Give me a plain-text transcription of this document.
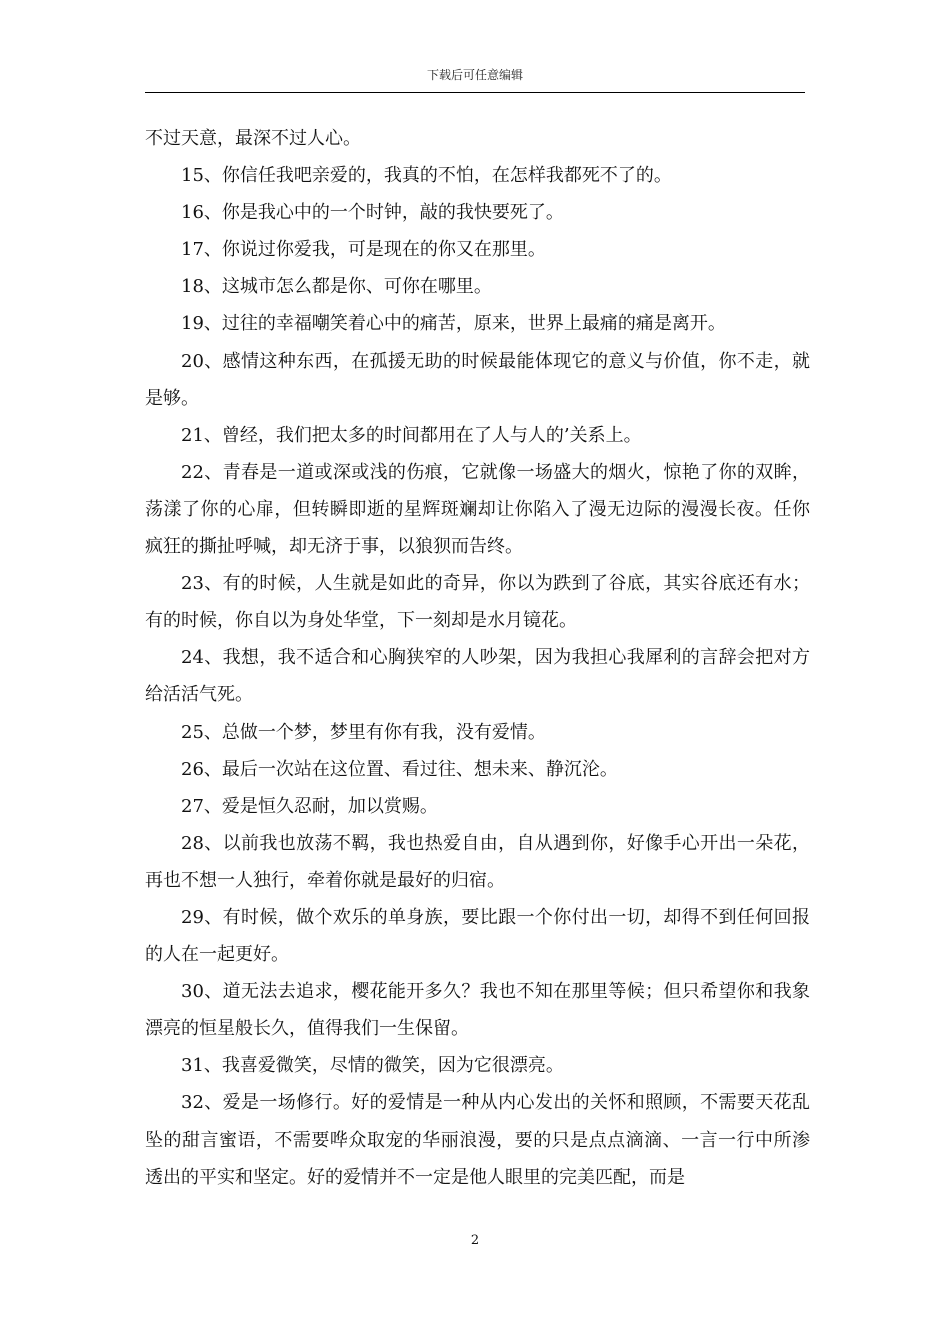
下载后可任意编辑

不过天意，最深不过人心。

15、你信任我吧亲爱的，我真的不怕，在怎样我都死不了的。

16、你是我心中的一个时钟，敲的我快要死了。

17、你说过你爱我，可是现在的你又在那里。

18、这城市怎么都是你、可你在哪里。

19、过往的幸福嘲笑着心中的痛苦，原来，世界上最痛的痛是离开。

20、感情这种东西，在孤援无助的时候最能体现它的意义与价值，你不走，就是够。

21、曾经，我们把太多的时间都用在了人与人的’关系上。

22、青春是一道或深或浅的伤痕，它就像一场盛大的烟火，惊艳了你的双眸，荡漾了你的心扉，但转瞬即逝的星辉斑斓却让你陷入了漫无边际的漫漫长夜。任你疯狂的撕扯呼喊，却无济于事，以狼狈而告终。

23、有的时候，人生就是如此的奇异，你以为跌到了谷底，其实谷底还有水；有的时候，你自以为身处华堂，下一刻却是水月镜花。

24、我想，我不适合和心胸狭窄的人吵架，因为我担心我犀利的言辞会把对方给活活气死。

25、总做一个梦，梦里有你有我，没有爱情。

26、最后一次站在这位置、看过往、想未来、静沉沦。

27、爱是恒久忍耐，加以赏赐。

28、以前我也放荡不羁，我也热爱自由，自从遇到你，好像手心开出一朵花，再也不想一人独行，牵着你就是最好的归宿。

29、有时候，做个欢乐的单身族，要比跟一个你付出一切，却得不到任何回报的人在一起更好。

30、道无法去追求，樱花能开多久？我也不知在那里等候；但只希望你和我象漂亮的恒星般长久，值得我们一生保留。

31、我喜爱微笑，尽情的微笑，因为它很漂亮。

32、爱是一场修行。好的爱情是一种从内心发出的关怀和照顾，不需要天花乱坠的甜言蜜语，不需要哗众取宠的华丽浪漫，要的只是点点滴滴、一言一行中所渗透出的平实和坚定。好的爱情并不一定是他人眼里的完美匹配，而是

2
